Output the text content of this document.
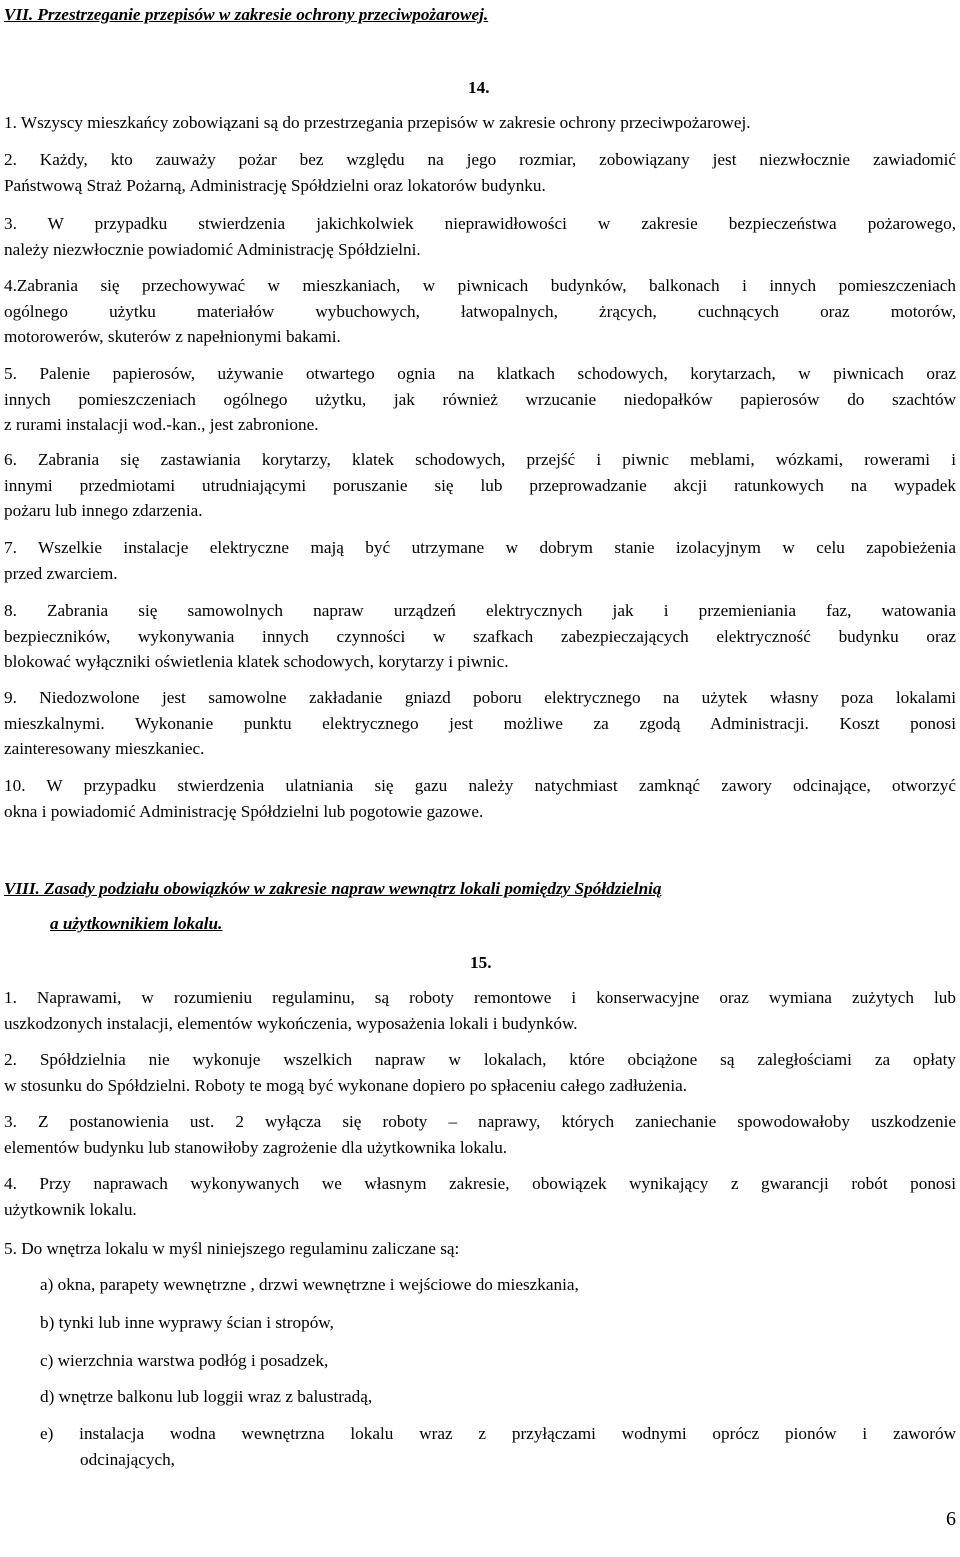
VII. Przestrzeganie przepisów w zakresie ochrony przeciwpożarowej.
14.
1. Wszyscy mieszkańcy zobowiązani są do przestrzegania przepisów w zakresie ochrony przeciwpożarowej.
2. Każdy, kto zauważy pożar bez względu na jego rozmiar, zobowiązany jest niezwłocznie zawiadomić
Państwową Straż Pożarną, Administrację Spółdzielni oraz lokatorów budynku.
3. W przypadku stwierdzenia jakichkolwiek nieprawidłowości w zakresie bezpieczeństwa pożarowego,
należy niezwłocznie powiadomić Administrację Spółdzielni.
4.Zabrania się przechowywać w mieszkaniach, w piwnicach budynków, balkonach i innych pomieszczeniach
ogólnego użytku materiałów wybuchowych, łatwopalnych, żrących, cuchnących oraz motorów,
motorowerów, skuterów z napełnionymi bakami.
5. Palenie papierosów, używanie otwartego ognia na klatkach schodowych, korytarzach, w piwnicach oraz
innych pomieszczeniach ogólnego użytku, jak również wrzucanie niedopałków papierosów do szachtów
z rurami instalacji wod.-kan., jest zabronione.
6. Zabrania się zastawiania korytarzy, klatek schodowych, przejść i piwnic meblami, wózkami, rowerami i
innymi przedmiotami utrudniającymi poruszanie się lub przeprowadzanie akcji ratunkowych na wypadek
pożaru lub innego zdarzenia.
7. Wszelkie instalacje elektryczne mają być utrzymane w dobrym stanie izolacyjnym w celu zapobieżenia
przed zwarciem.
8. Zabrania się samowolnych napraw urządzeń elektrycznych jak i przemieniania faz, watowania
bezpieczników, wykonywania innych czynności w szafkach zabezpieczających elektryczność budynku oraz
blokować wyłączniki oświetlenia klatek schodowych, korytarzy i piwnic.
9. Niedozwolone jest samowolne zakładanie gniazd poboru elektrycznego na użytek własny poza lokalami
mieszkalnymi. Wykonanie punktu elektrycznego jest możliwe za zgodą Administracji. Koszt ponosi
zainteresowany mieszkaniec.
10. W przypadku stwierdzenia ulatniania się gazu należy natychmiast zamknąć zawory odcinające, otworzyć
okna i powiadomić Administrację Spółdzielni lub pogotowie gazowe.
VIII. Zasady podziału obowiązków w zakresie napraw wewnątrz lokali pomiędzy Spółdzielnią
a użytkownikiem lokalu.
15.
1. Naprawami, w rozumieniu regulaminu, są roboty remontowe i konserwacyjne oraz wymiana zużytych lub
uszkodzonych instalacji, elementów wykończenia, wyposażenia lokali i budynków.
2. Spółdzielnia nie wykonuje wszelkich napraw w lokalach, które obciążone są zaległościami za opłaty
w stosunku do Spółdzielni. Roboty te mogą być wykonane dopiero po spłaceniu całego zadłużenia.
3. Z postanowienia ust. 2 wyłącza się roboty – naprawy, których zaniechanie spowodowałoby uszkodzenie
elementów budynku lub stanowiłoby zagrożenie dla użytkownika lokalu.
4. Przy naprawach wykonywanych we własnym zakresie, obowiązek wynikający z gwarancji robót ponosi
użytkownik lokalu.
5. Do wnętrza lokalu w myśl niniejszego regulaminu zaliczane są:
a) okna, parapety wewnętrzne , drzwi wewnętrzne i wejściowe do mieszkania,
b) tynki lub inne wyprawy ścian i stropów,
c) wierzchnia warstwa podłóg i posadzek,
d) wnętrze balkonu lub loggii wraz z balustradą,
e) instalacja wodna wewnętrzna lokalu wraz z przyłączami wodnymi oprócz pionów i zaworów
odcinających,
6
